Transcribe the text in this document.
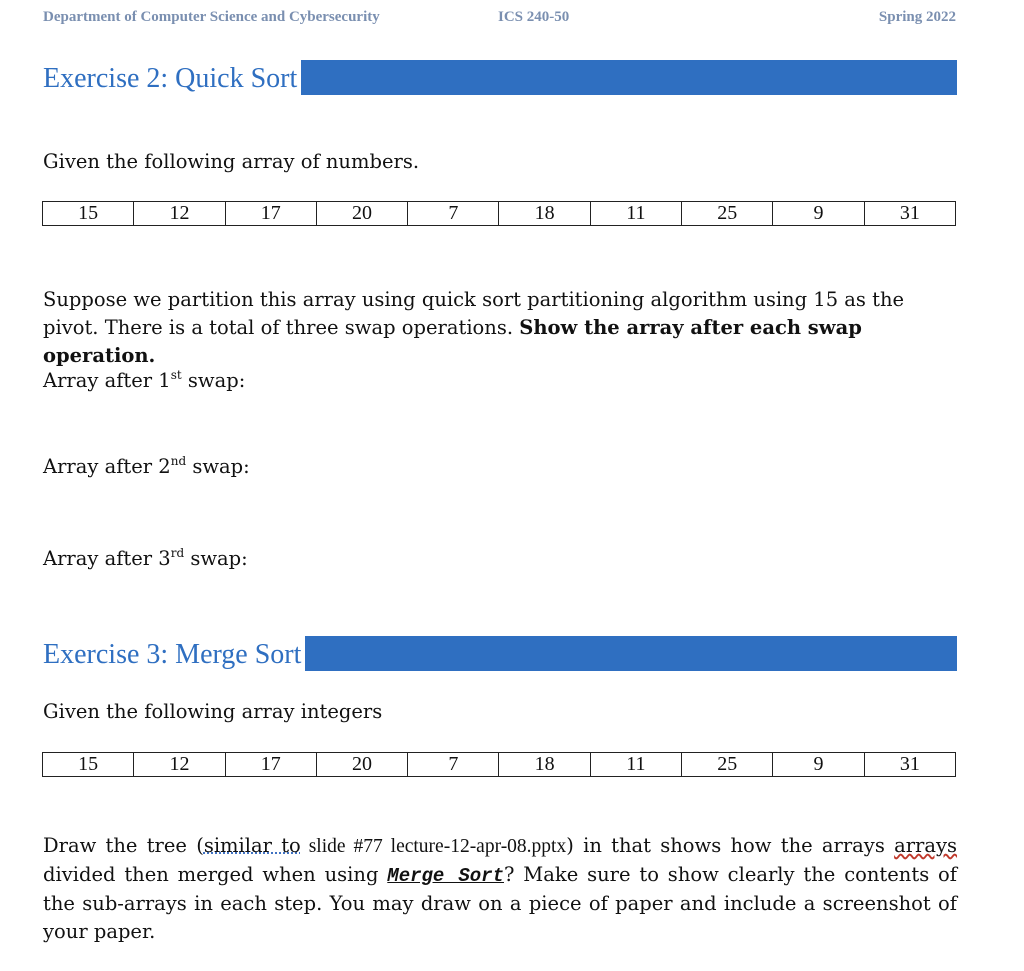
Department of Computer Science and Cybersecurity	ICS 240-50	Spring 2022
Exercise 2: Quick Sort

Given the following array of numbers.

15	12	17	20	7	18	11	25	9	31

Suppose we partition this array using quick sort partitioning algorithm using 15 as the pivot. There is a total of three swap operations. Show the array after each swap operation.

Array after 1st swap:

Array after 2nd swap:

Array after 3rd swap:

Exercise 3: Merge Sort

Given the following array integers

15	12	17	20	7	18	11	25	9	31

Draw the tree (similar to slide #77 lecture-12-apr-08.pptx) in that shows how the arrays arrays divided then merged when using Merge Sort? Make sure to show clearly the contents of the sub-arrays in each step. You may draw on a piece of paper and include a screenshot of your paper.
